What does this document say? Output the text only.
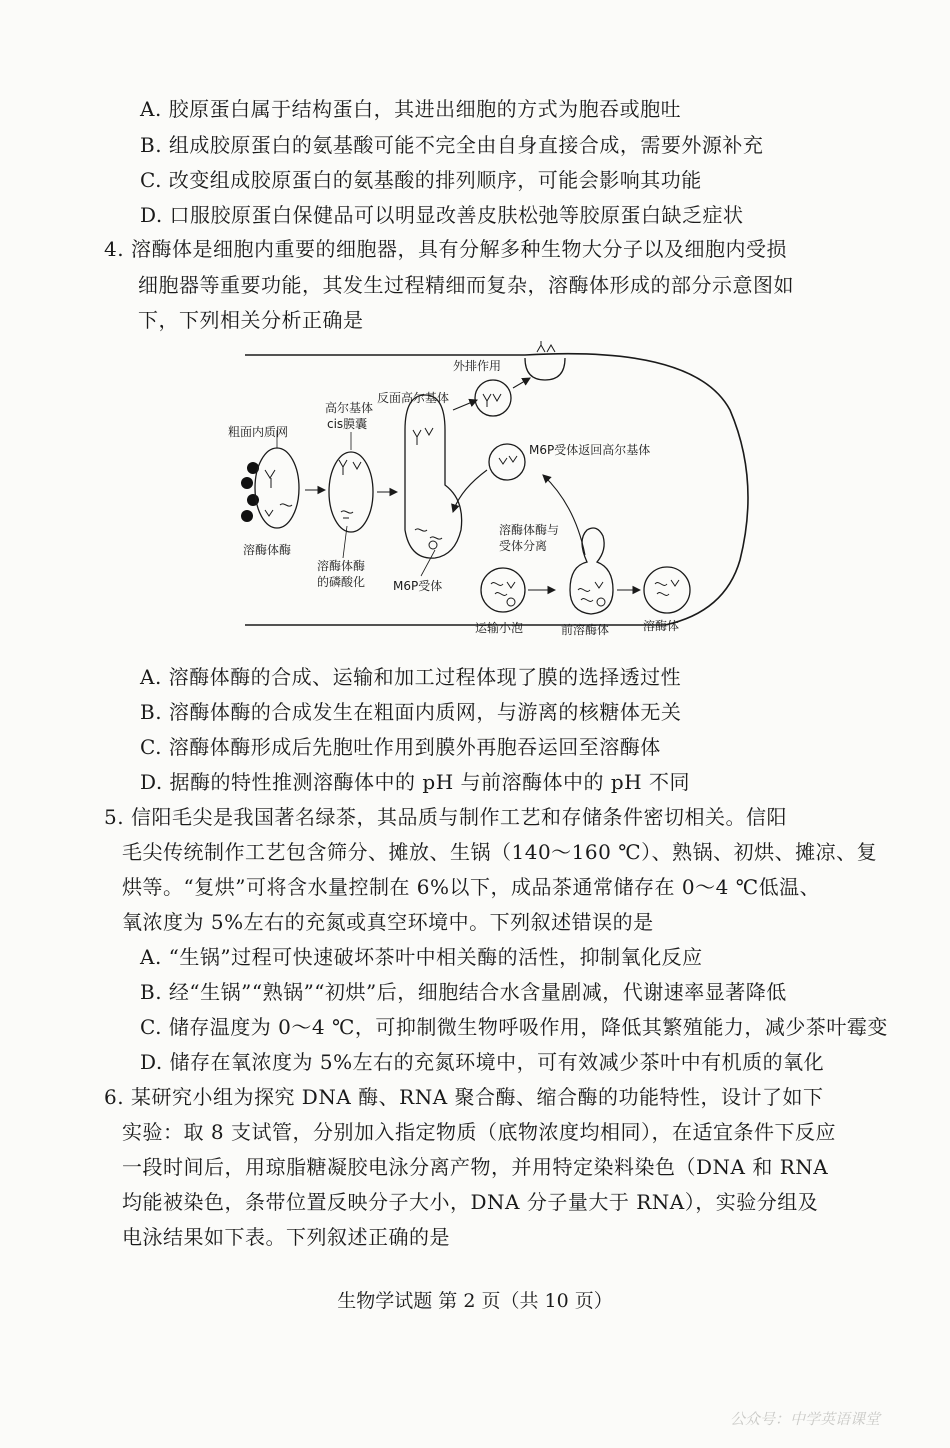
A. 胶原蛋白属于结构蛋白，其进出细胞的方式为胞吞或胞吐
B. 组成胶原蛋白的氨基酸可能不完全由自身直接合成，需要外源补充
C. 改变组成胶原蛋白的氨基酸的排列顺序，可能会影响其功能
D. 口服胶原蛋白保健品可以明显改善皮肤松弛等胶原蛋白缺乏症状
4. 溶酶体是细胞内重要的细胞器，具有分解多种生物大分子以及细胞内受损
细胞器等重要功能，其发生过程精细而复杂，溶酶体形成的部分示意图如
下，下列相关分析正确是
粗面内质网
溶酶体酶
高尔基体
cis膜囊
溶酶体酶
的磷酸化
反面高尔基体
外排作用
M6P受体返回高尔基体
溶酶体酶与
受体分离
M6P受体
运输小泡	前溶酶体	溶酶体
A. 溶酶体酶的合成、运输和加工过程体现了膜的选择透过性
B. 溶酶体酶的合成发生在粗面内质网，与游离的核糖体无关
C. 溶酶体酶形成后先胞吐作用到膜外再胞吞运回至溶酶体
D. 据酶的特性推测溶酶体中的 pH 与前溶酶体中的 pH 不同
5. 信阳毛尖是我国著名绿茶，其品质与制作工艺和存储条件密切相关。信阳
毛尖传统制作工艺包含筛分、摊放、生锅（140～160 ℃）、熟锅、初烘、摊凉、复
烘等。“复烘”可将含水量控制在 6%以下，成品茶通常储存在 0～4 ℃低温、
氧浓度为 5%左右的充氮或真空环境中。下列叙述错误的是
A. “生锅”过程可快速破坏茶叶中相关酶的活性，抑制氧化反应
B. 经“生锅”“熟锅”“初烘”后，细胞结合水含量剧减，代谢速率显著降低
C. 储存温度为 0～4 ℃，可抑制微生物呼吸作用，降低其繁殖能力，减少茶叶霉变
D. 储存在氧浓度为 5%左右的充氮环境中，可有效减少茶叶中有机质的氧化
6. 某研究小组为探究 DNA 酶、RNA 聚合酶、缩合酶的功能特性，设计了如下
实验：取 8 支试管，分别加入指定物质（底物浓度均相同），在适宜条件下反应
一段时间后，用琼脂糖凝胶电泳分离产物，并用特定染料染色（DNA 和 RNA
均能被染色，条带位置反映分子大小，DNA 分子量大于 RNA），实验分组及
电泳结果如下表。下列叙述正确的是
生物学试题 第 2 页（共 10 页）
公众号：中学英语课堂
